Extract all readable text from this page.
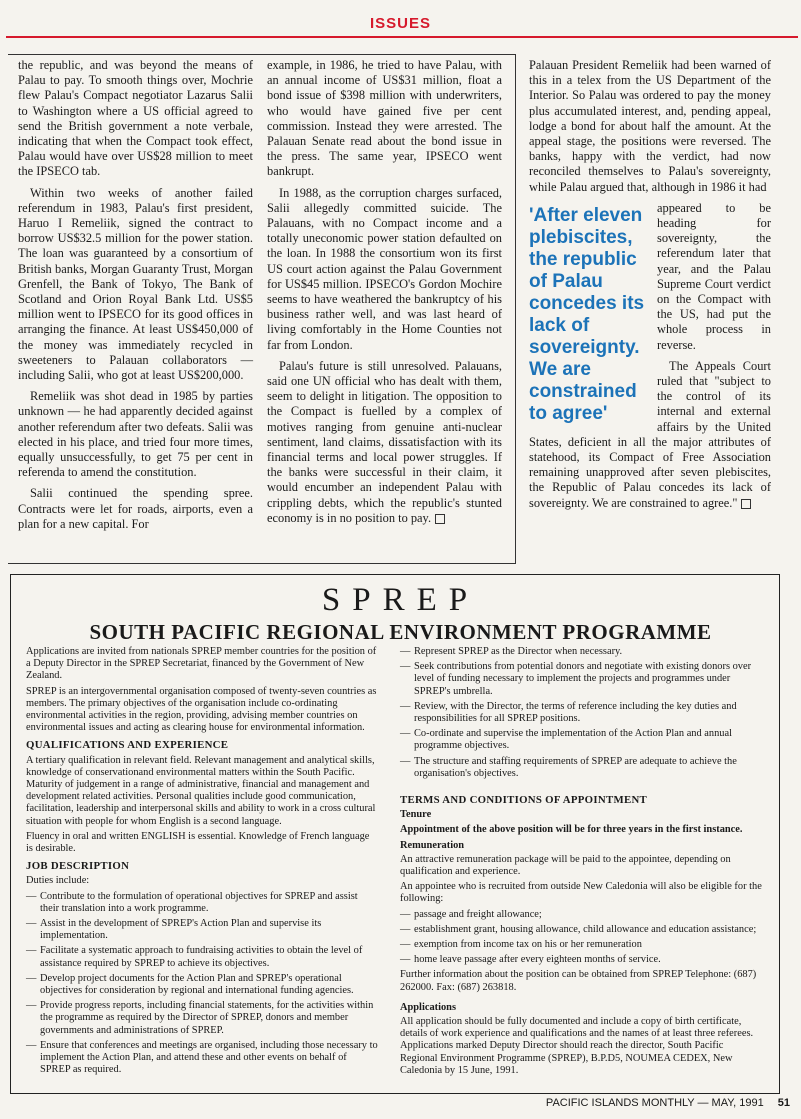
ISSUES

the republic, and was beyond the means of Palau to pay. To smooth things over, Mochrie flew Palau's Compact negotiator Lazarus Salii to Washington where a US official agreed to send the British government a note verbale, indicating that when the Compact took effect, Palau would have over US$28 million to meet the IPSECO tab.

Within two weeks of another failed referendum in 1983, Palau's first president, Haruo I Remeliik, signed the contract to borrow US$32.5 million for the power station. The loan was guaranteed by a consortium of British banks, Morgan Guaranty Trust, Morgan Grenfell, the Bank of Tokyo, The Bank of Scotland and Orion Royal Bank Ltd. US$5 million went to IPSECO for its good offices in arranging the finance. At least US$450,000 of the money was immediately recycled in sweeteners to Palauan collaborators — including Salii, who got at least US$200,000.

Remeliik was shot dead in 1985 by parties unknown — he had apparently decided against another referendum after two defeats. Salii was elected in his place, and tried four more times, equally unsuccessfully, to get 75 per cent in referenda to amend the constitution.

Salii continued the spending spree. Contracts were let for roads, airports, even a plan for a new capital. For

example, in 1986, he tried to have Palau, with an annual income of US$31 million, float a bond issue of $398 million with underwriters, who would have gained five per cent commission. Instead they were arrested. The Palauan Senate read about the bond issue in the press. The same year, IPSECO went bankrupt.

In 1988, as the corruption charges surfaced, Salii allegedly committed suicide. The Palauans, with no Compact income and a totally uneconomic power station defaulted on the loan. In 1988 the consortium won its first US court action against the Palau Government for US$45 million. IPSECO's Gordon Mochire seems to have weathered the bankruptcy of his business rather well, and was last heard of living comfortably in the Home Counties not far from London.

Palau's future is still unresolved. Palauans, said one UN official who has dealt with them, seem to delight in litigation. The opposition to the Compact is fuelled by a complex of motives ranging from genuine anti-nuclear sentiment, land claims, dissatisfaction with its financial terms and local power struggles. If the banks were successful in their claim, it would encumber an independent Palau with crippling debts, which the republic's stunted economy is in no position to pay.

Palauan President Remeliik had been warned of this in a telex from the US Department of the Interior. So Palau was ordered to pay the money plus accumulated interest, and, pending appeal, lodge a bond for about half the amount. At the appeal stage, the positions were reversed. The banks, happy with the verdict, had now reconciled themselves to Palau's sovereignty, while Palau argued that, although in 1986 it had

'After eleven plebiscites, the republic of Palau concedes its lack of sovereignty. We are constrained to agree'

appeared to be heading for sovereignty, the referendum later that year, and the Palau Supreme Court verdict on the Compact with the US, had put the whole process in reverse.

The Appeals Court ruled that "subject to the control of its internal and external affairs by the United States, deficient in all the major attributes of statehood, its Compact of Free Association remaining unapproved after seven plebiscites, the Republic of Palau concedes its lack of sovereignty. We are constrained to agree."

SPREP
SOUTH PACIFIC REGIONAL ENVIRONMENT PROGRAMME

Applications are invited from nationals SPREP member countries for the position of a Deputy Director in the SPREP Secretariat, financed by the Government of New Zealand.

SPREP is an intergovernmental organisation composed of twenty-seven countries as members. The primary objectives of the organisation include co-ordinating environmental activities in the region, providing, advising member countries on environmental issues and acting as clearing house for environmental information.

QUALIFICATIONS AND EXPERIENCE

A tertiary qualification in relevant field. Relevant management and analytical skills, knowledge of conservationand environmental matters within the South Pacific. Maturity of judgement in a range of administrative, financial and management and development related activities. Personal qualities include good communication, facilitation, leadership and interpersonal skills and ability to work in a cross cultural situation with people for whom English is a second language.

Fluency in oral and written ENGLISH is essential. Knowledge of French language is desirable.

JOB DESCRIPTION

Duties include:

— Contribute to the formulation of operational objectives for SPREP and assist their translation into a work programme.
— Assist in the development of SPREP's Action Plan and supervise its implementation.
— Facilitate a systematic approach to fundraising activities to obtain the level of assistance required by SPREP to achieve its objectives.
— Develop project documents for the Action Plan and SPREP's operational objectives for consideration by regional and international funding agencies.
— Provide progress reports, including financial statements, for the activities within the programme as required by the Director of SPREP, donors and member governments and administrations of SPREP.
— Ensure that conferences and meetings are organised, including those necessary to implement the Action Plan, and attend these and other events on behalf of SPREP as required.
— Represent SPREP as the Director when necessary.
— Seek contributions from potential donors and negotiate with existing donors over level of funding necessary to implement the projects and programmes under SPREP's umbrella.
— Review, with the Director, the terms of reference including the key duties and responsibilities for all SPREP positions.
— Co-ordinate and supervise the implementation of the Action Plan and annual programme objectives.
— The structure and staffing requirements of SPREP are adequate to achieve the organisation's objectives.
TERMS AND CONDITIONS OF APPOINTMENT
Tenure
Appointment of the above position will be for three years in the first instance.
Remuneration

An attractive remuneration package will be paid to the appointee, depending on qualification and experience.

An appointee who is recruited from outside New Caledonia will also be eligible for the following:

— passage and freight allowance;
— establishment grant, housing allowance, child allowance and education assistance;
— exemption from income tax on his or her remuneration
— home leave passage after every eighteen months of service.

Further information about the position can be obtained from SPREP Telephone: (687) 262000. Fax: (687) 263818.

Applications

All application should be fully documented and include a copy of birth certificate, details of work experience and qualifications and the names of at least three referees. Applications marked Deputy Director should reach the director, South Pacific Regional Environment Programme (SPREP), B.P.D5, NOUMEA CEDEX, New Caledonia by 15 June, 1991.

PACIFIC ISLANDS MONTHLY — MAY, 1991 51
